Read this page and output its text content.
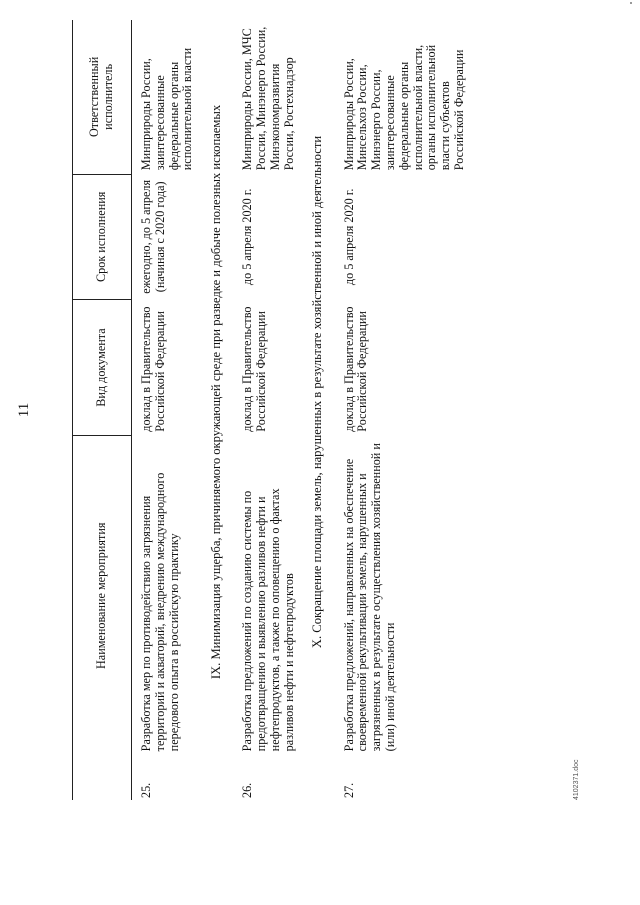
11
	Наименование мероприятия	Вид документа	Срок исполнения	Ответственный исполнитель
25.	Разработка мер по противодействию загрязнения территорий и акваторий, внедрению международного передового опыта в российскую практику	доклад в Правительство Российской Федерации	ежегодно, до 5 апреля (начиная с 2020 года)	Минприроды России, заинтересованные федеральные органы исполнительной власти
IX. Минимизация ущерба, причиняемого окружающей среде при разведке и добыче полезных ископаемых				
26.	Разработка предложений по созданию системы по предотвращению и выявлению разливов нефти и нефтепродуктов, а также по оповещению о фактах разливов нефти и нефтепродуктов	доклад в Правительство Российской Федерации	до 5 апреля 2020 г.	Минприроды России, МЧС России, Минэнерго России, Минэкономразвития России, Ростехнадзор
X. Сокращение площади земель, нарушенных в результате хозяйственной и иной деятельности				
27.	Разработка предложений, направленных на обеспечение своевременной рекультивации земель, нарушенных и загрязненных в результате осуществления хозяйственной и (или) иной деятельности	доклад в Правительство Российской Федерации	до 5 апреля 2020 г.	Минприроды России, Минсельхоз России, Минэнерго России, заинтересованные федеральные органы исполнительной власти, органы исполнительной власти субъектов Российской Федерации
4102371.doc
